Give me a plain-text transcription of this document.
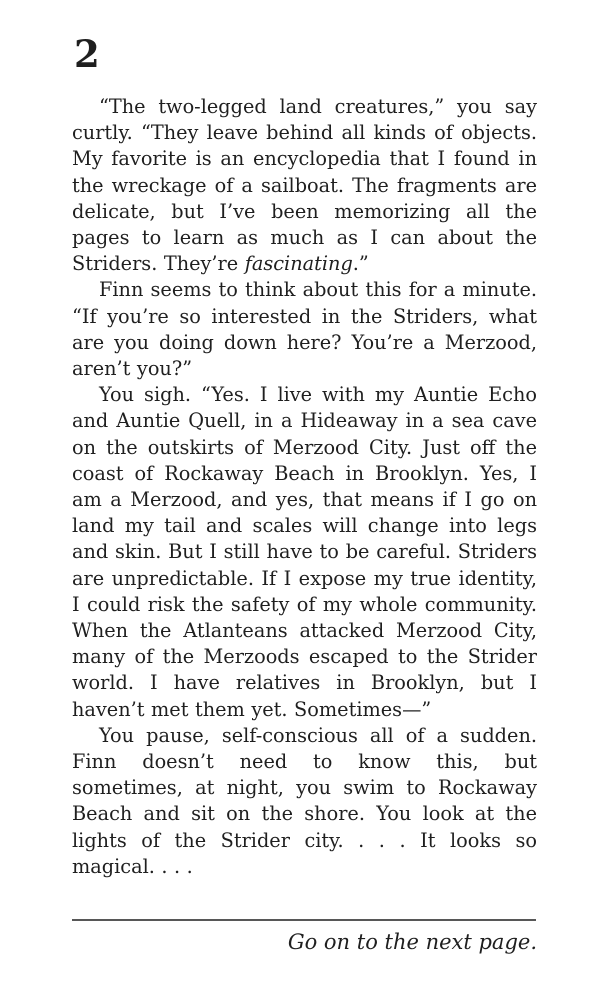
2

“The two-legged land creatures,” you say curtly. “They leave behind all kinds of objects. My favorite is an encyclopedia that I found in the wreckage of a sailboat. The fragments are delicate, but I’ve been memorizing all the pages to learn as much as I can about the Striders. They’re fascinating.”

Finn seems to think about this for a minute. “If you’re so interested in the Striders, what are you doing down here? You’re a Merzood, aren’t you?”

You sigh. “Yes. I live with my Auntie Echo and Auntie Quell, in a Hideaway in a sea cave on the outskirts of Merzood City. Just off the coast of Rockaway Beach in Brooklyn. Yes, I am a Merzood, and yes, that means if I go on land my tail and scales will change into legs and skin. But I still have to be careful. Striders are unpredictable. If I expose my true identity, I could risk the safety of my whole community. When the Atlanteans attacked Merzood City, many of the Merzoods escaped to the Strider world. I have relatives in Brooklyn, but I haven’t met them yet. Sometimes—”

You pause, self-conscious all of a sudden. Finn doesn’t need to know this, but sometimes, at night, you swim to Rockaway Beach and sit on the shore. You look at the lights of the Strider city. . . . It looks so magical. . . .

Go on to the next page.
